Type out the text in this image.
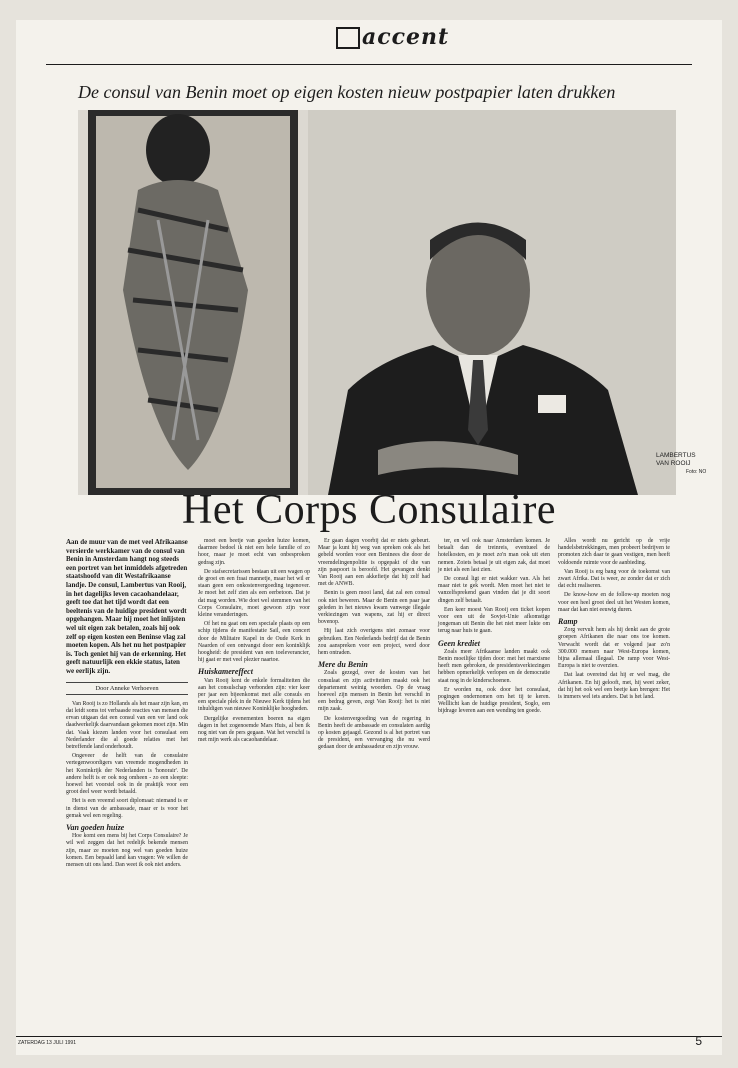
accent
De consul van Benin moet op eigen kosten nieuw postpapier laten drukken
LAMBERTUS
VAN ROOIJ
Foto: NO
Het Corps Consulaire
Aan de muur van de met veel Afrikaanse versierde werkkamer van de consul van Benin in Amsterdam hangt nog steeds een portret van het inmiddels afgetreden staatshoofd van dit Westafrikaanse landje. De consul, Lambertus van Rooij, in het dagelijks leven cacaohandelaar, geeft toe dat het tijd wordt dat een beeltenis van de huidige president wordt opgehangen. Maar hij moet het inlijsten wel uit eigen zak betalen, zoals hij ook zelf op eigen kosten een Beninse vlag zal moeten kopen. Als het nu het postpapier is. Toch geniet hij van de erkenning. Het geeft natuurlijk een ekkie status, laten we eerlijk zijn.
Door Anneke Verhoeven

Van Rooij is zo Hollands als het maar zijn kan, en dat leidt soms tot verbaasde reacties van mensen die ervan uitgaan dat een consul van een ver land ook daadwerkelijk daarvandaan gekomen moet zijn. Min dat. Vaak kiezen landen voor het consulaat een Nederlander die al goede relaties met het betreffende land onderhoudt.

Ongeveer de helft van de consulaire vertegenwoordigers van vreemde mogendheden in het Koninkrijk der Nederlanden is 'honorair'. De andere helft is er ook nog omheen - zo een sleepte: hoewel het voorstel ook in de praktijk voor een groot deel weer wordt betaald.

Het is een vreemd soort diplomaat: niemand is er in dienst van de ambassade, maar er is voor het gemak wel een regeling.

Van goeden huize

Hoe komt een mens bij het Corps Consulaire? Je wil wel zeggen dat het redelijk bekende mensen zijn, maar ze moeten nog wel van goeden huize komen. Een bepaald land kan vragen: We willen de mensen uit ons land. Dan weet ik ook niet anders.

moet een beetje van goeden huize komen, daarmee bedoel ik niet een hele familie of zo hoor, maar je moet echt van onbesproken gedrag zijn.

De stafsecretarissen bestaan uit een wagen op de groei en een fraai mannetje, maar het wil er staan geen een onkostenvergoeding tegenover. Je moet het zelf zien als een eerbetoon. Dat je dat mag worden. Wie doet wel stemmen van het Corps Consulaire, moet gewoon zijn voor kleine veranderingen.

Of het nu gaat om een speciale plaats op een schip tijdens de manifestatie Sail, een concert door de Militaire Kapel in de Oude Kerk in Naarden of een ontvangst door een koninklijk hoogheid: de president van een toeleverancier, hij gaat er met veel plezier naartoe.

Huiskamereffect

Van Rooij kent de enkele formaliteiten die aan het consulschap verbonden zijn: vier keer per jaar een bijeenkomst met alle consuls en een speciale plek in de Nieuwe Kerk tijdens het inhuldigen van nieuwe Koninklijke hoogheden.

Dergelijke evenementen boeren na eigen dagen in het zogenoemde Mars Huis, al ben ik nog niet van de pers gegaan. Wat het verschil is met mijn werk als cacaohandelaar.

Er gaan dagen voorbij dat er niets gebeurt. Maar ja kunt hij weg van spreken ook als het gebeld worden voor een Beninees die door de vreemdelingenpolitie is opgepakt of die van zijn paspoort is beroofd. Het gevangen denkt Van Rooij aan een akkefietje dat hij zelf had met de ANWB.

Benin is geen mooi land, dat zal een consul ook niet beweren. Maar de Benin een paar jaar geleden in het nieuws kwam vanwege illegale verkiezingen van wapens, zat hij er direct bovenop.

Hij laat zich overigens niet zomaar voor gebruiken. Een Nederlands bedrijf dat de Benin zou aanspreken voor een project, werd door hem ontraden.

Mere du Benin

Zoals gezegd, over de kosten van het consulaat en zijn activiteiten maakt ook het departement weinig woorden. Op de vraag hoeveel zijn mensen in Benin het verschil in een bedrag geven, zegt Van Rooij: het is niet mijn zaak.

De kostenvergoeding van de regering in Benin heeft de ambassade en consulaten aardig op kosten gejaagd. Gezond is al het portret van de president, een vervanging die nu werd gedaan door de ambassadeur en zijn vrouw.

ter, en wil ook naar Amsterdam komen. Je betaalt dan de treinreis, eventueel de hotelkosten, en je moet zo'n man ook uit eten nemen. Zoiets betaal je uit eigen zak, dat moet je niet als een last zien.

De consul ligt er niet wakker van. Als het maar niet te gek wordt. Men moet het niet te vanzelfsprekend gaan vinden dat je dit soort dingen zelf betaalt.

Een keer moest Van Rooij een ticket kopen voor een uit de Sovjet-Unie afkomstige jongeman uit Benin die het niet meer lukte om terug naar huis te gaan.

Geen krediet

Zoals meer Afrikaanse landen maakt ook Benin moeilijke tijden door: met het marxisme heeft men gebroken, de presidentsverkiezingen hebben opmerkelijk verlopen en de democratie staat nog in de kinderschoenen.

Er worden nu, ook door het consulaat, pogingen ondernomen om het tij te keren. Welllicht kan de huidige president, Soglo, een bijdrage leveren aan een wending ten goede.

Alles wordt nu gericht op de vrije handelsbetrekkingen, men probeert bedrijven te promoten zich daar te gaan vestigen, men heeft voldoende ruimte voor de aanbieding.

Van Rooij is erg bang voor de toekomst van zwart Afrika. Dat is weer, ze zonder dat er zich dat echt realiseren.

De know-how en de follow-up moeten nog voor een heel groot deel uit het Westen komen, maar dat kan niet eeuwig duren.

Ramp

Zorg vervult hem als hij denkt aan de grote groepen Afrikanen die naar ons toe komen. Verwacht wordt dat er volgend jaar zo'n 300.000 mensen naar West-Europa komen, bijna allemaal illegaal. De ramp voor West-Europa is niet te overzien.

Dat laat overeind dat hij er wel mag, die Afrikanen. En hij gelooft, met, hij weet zeker, dat hij het ook wel een beetje kan brengen: Het is immers wel iets anders. Dat is het land.

ZATERDAG 13 JULI 1991	5
